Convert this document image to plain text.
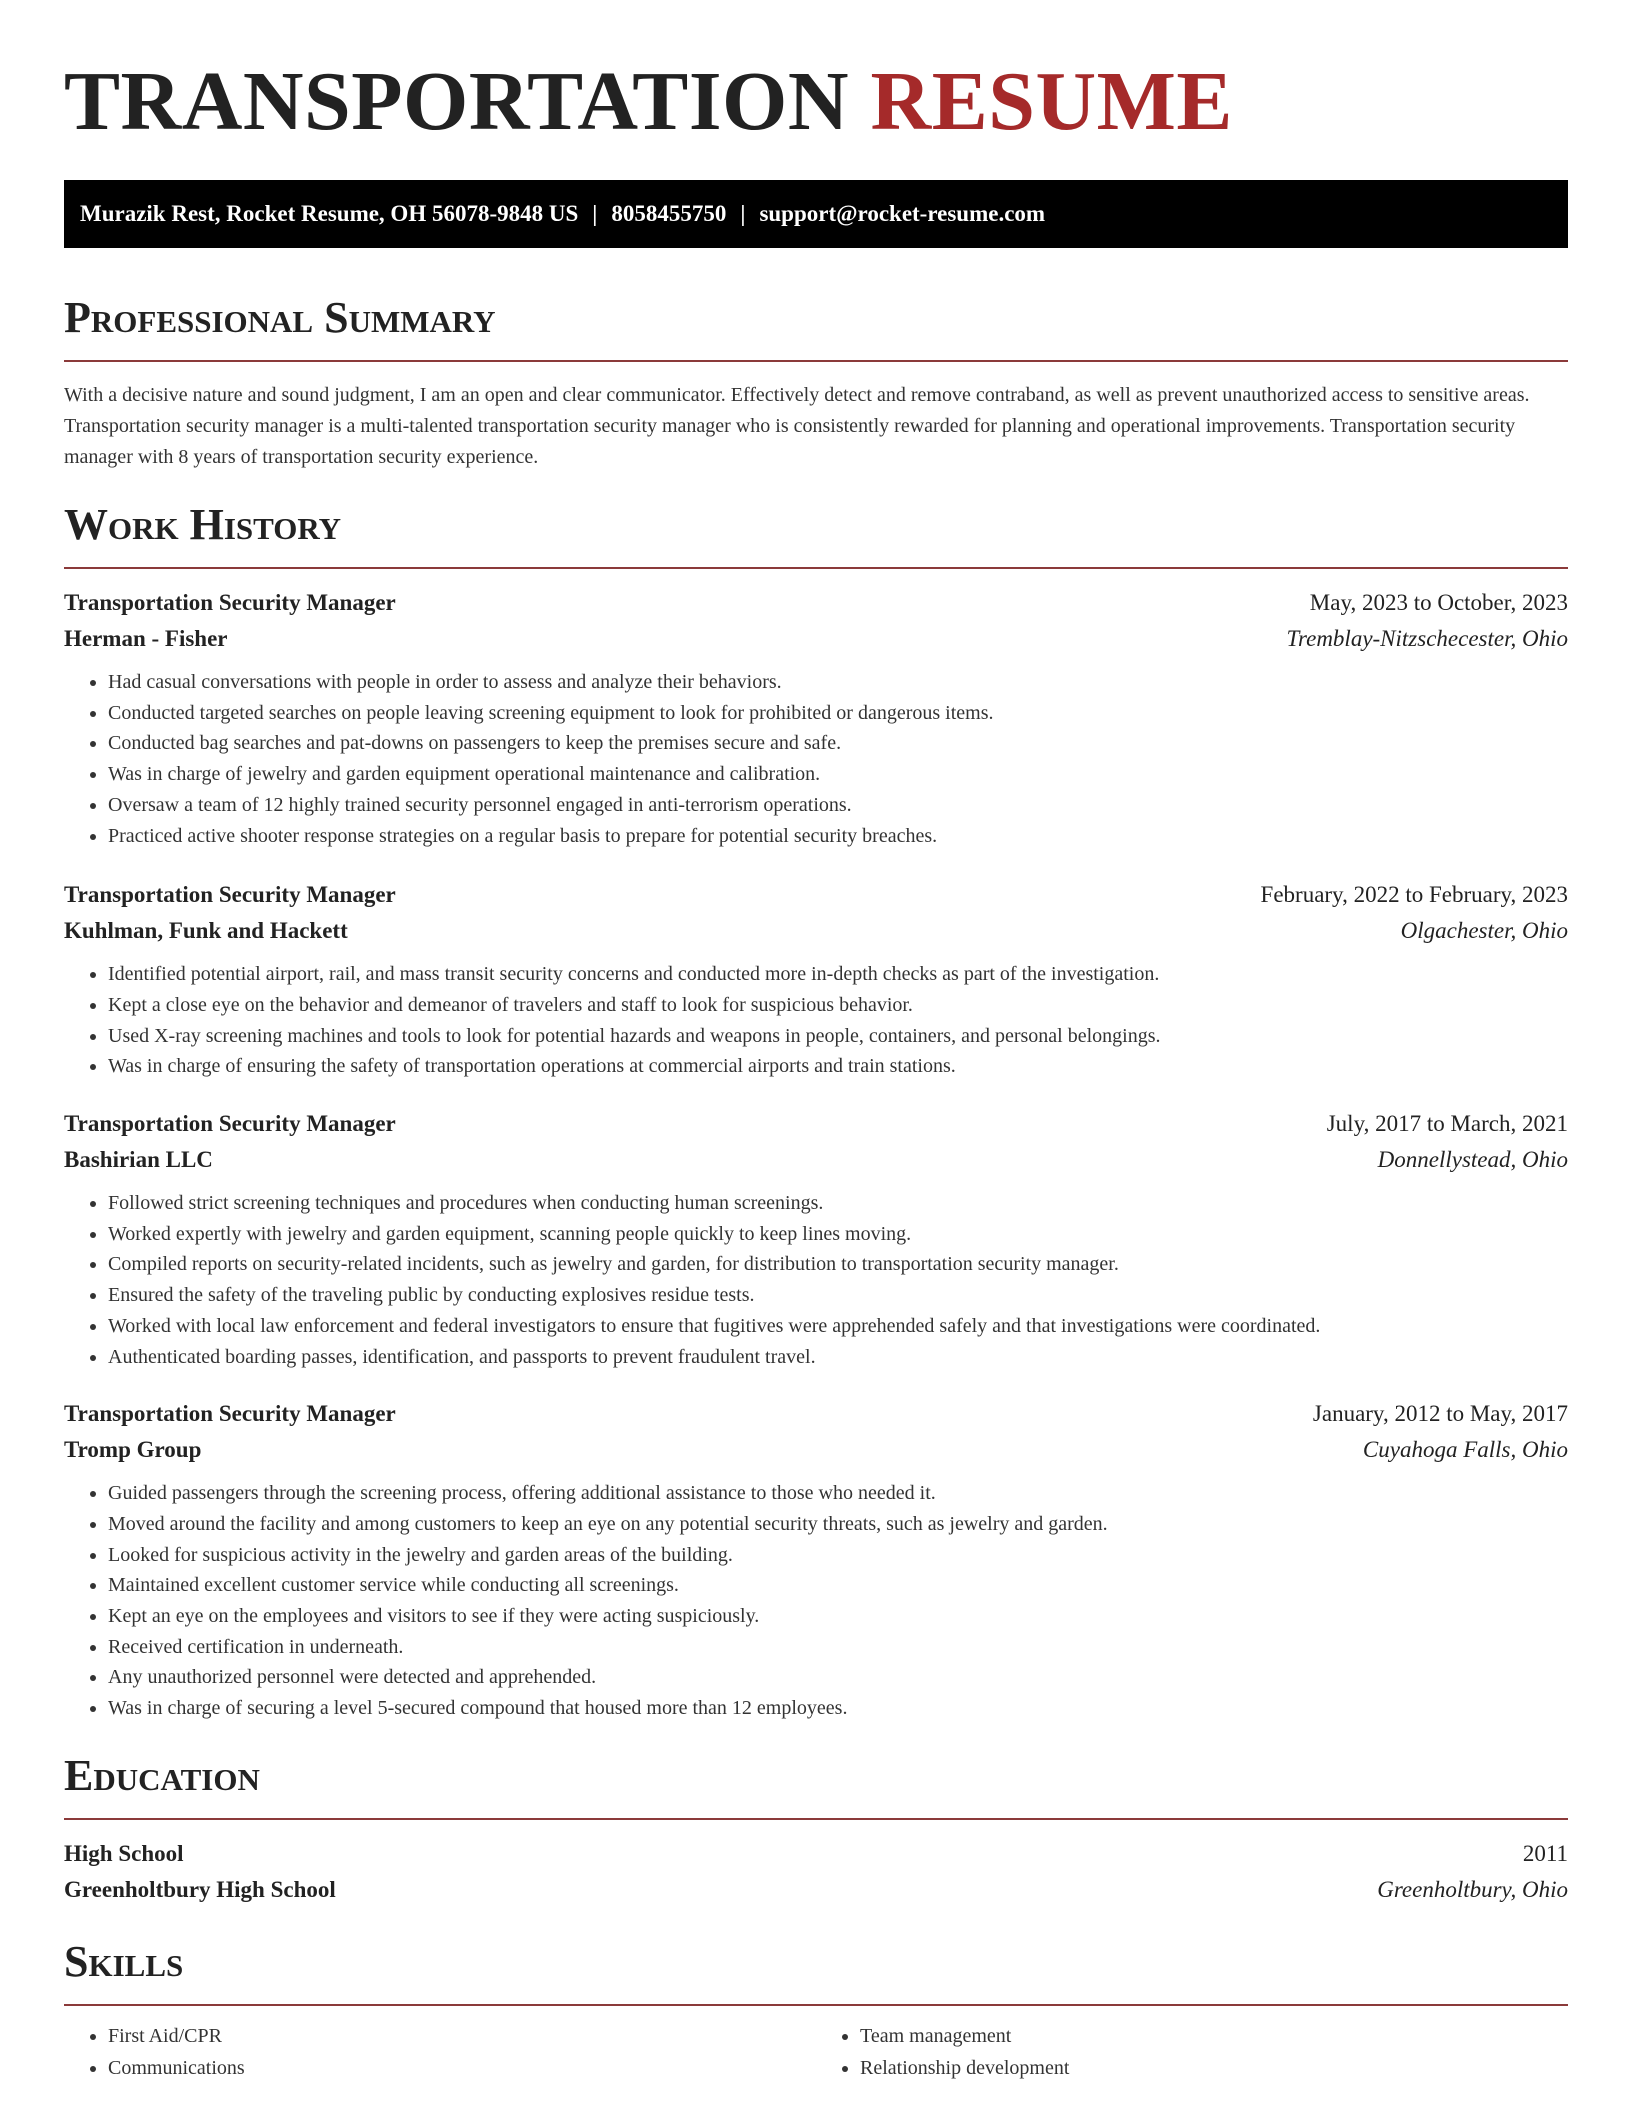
TRANSPORTATION RESUME
Murazik Rest, Rocket Resume, OH 56078-9848 US | 8058455750 | support@rocket-resume.com
Professional Summary

With a decisive nature and sound judgment, I am an open and clear communicator. Effectively detect and remove contraband, as well as prevent unauthorized access to sensitive areas. Transportation security manager is a multi-talented transportation security manager who is consistently rewarded for planning and operational improvements. Transportation security manager with 8 years of transportation security experience.

Work History
Transportation Security Manager	May, 2023 to October, 2023
Herman - Fisher	Tremblay-Nitzschecester, Ohio
• Had casual conversations with people in order to assess and analyze their behaviors.
• Conducted targeted searches on people leaving screening equipment to look for prohibited or dangerous items.
• Conducted bag searches and pat-downs on passengers to keep the premises secure and safe.
• Was in charge of jewelry and garden equipment operational maintenance and calibration.
• Oversaw a team of 12 highly trained security personnel engaged in anti-terrorism operations.
• Practiced active shooter response strategies on a regular basis to prepare for potential security breaches.
Transportation Security Manager	February, 2022 to February, 2023
Kuhlman, Funk and Hackett	Olgachester, Ohio
• Identified potential airport, rail, and mass transit security concerns and conducted more in-depth checks as part of the investigation.
• Kept a close eye on the behavior and demeanor of travelers and staff to look for suspicious behavior.
• Used X-ray screening machines and tools to look for potential hazards and weapons in people, containers, and personal belongings.
• Was in charge of ensuring the safety of transportation operations at commercial airports and train stations.
Transportation Security Manager	July, 2017 to March, 2021
Bashirian LLC	Donnellystead, Ohio
• Followed strict screening techniques and procedures when conducting human screenings.
• Worked expertly with jewelry and garden equipment, scanning people quickly to keep lines moving.
• Compiled reports on security-related incidents, such as jewelry and garden, for distribution to transportation security manager.
• Ensured the safety of the traveling public by conducting explosives residue tests.
• Worked with local law enforcement and federal investigators to ensure that fugitives were apprehended safely and that investigations were coordinated.
• Authenticated boarding passes, identification, and passports to prevent fraudulent travel.
Transportation Security Manager	January, 2012 to May, 2017
Tromp Group	Cuyahoga Falls, Ohio
• Guided passengers through the screening process, offering additional assistance to those who needed it.
• Moved around the facility and among customers to keep an eye on any potential security threats, such as jewelry and garden.
• Looked for suspicious activity in the jewelry and garden areas of the building.
• Maintained excellent customer service while conducting all screenings.
• Kept an eye on the employees and visitors to see if they were acting suspiciously.
• Received certification in underneath.
• Any unauthorized personnel were detected and apprehended.
• Was in charge of securing a level 5-secured compound that housed more than 12 employees.
Education
High School	2011
Greenholtbury High School	Greenholtbury, Ohio
Skills
• First Aid/CPR
• Communications
• Team management
• Relationship development
